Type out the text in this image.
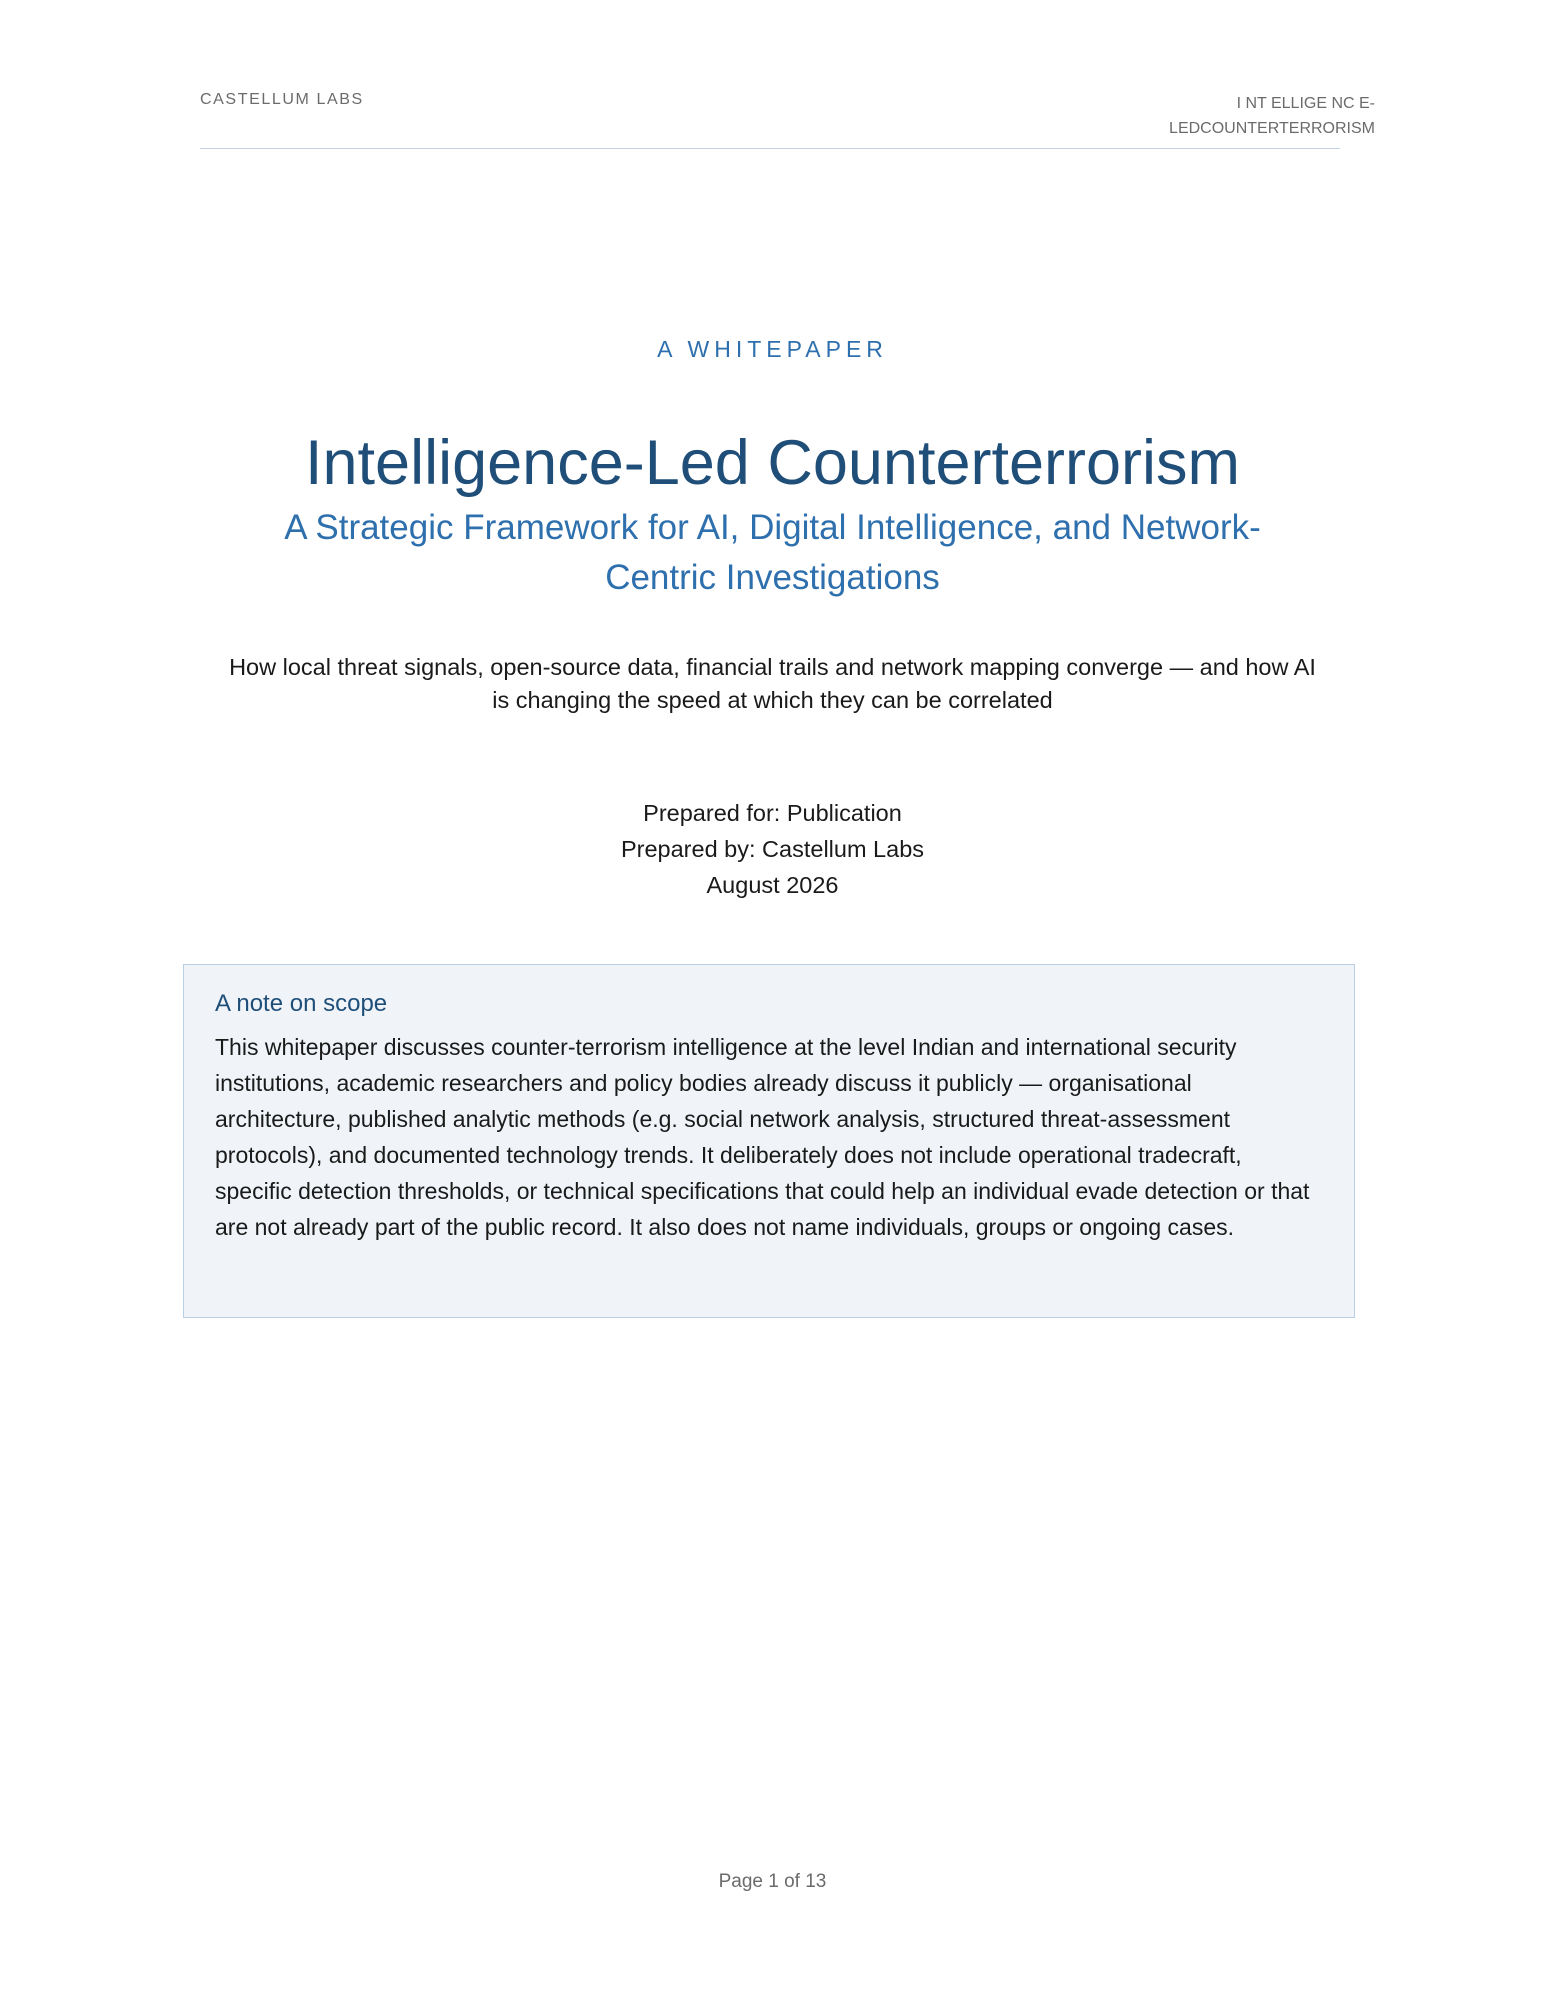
CASTELLUM LABS	I NT ELLIGE NC E-
LEDCOUNTERTERRORISM
A WHITEPAPER
Intelligence-Led Counterterrorism
A Strategic Framework for AI, Digital Intelligence, and Network-
Centric Investigations
How local threat signals, open-source data, financial trails and network mapping converge — and how AI
is changing the speed at which they can be correlated
Prepared for: Publication
Prepared by: Castellum Labs
August 2026
A note on scope

This whitepaper discusses counter-terrorism intelligence at the level Indian and international security institutions, academic researchers and policy bodies already discuss it publicly — organisational architecture, published analytic methods (e.g. social network analysis, structured threat-assessment protocols), and documented technology trends. It deliberately does not include operational tradecraft, specific detection thresholds, or technical specifications that could help an individual evade detection or that are not already part of the public record. It also does not name individuals, groups or ongoing cases.

Page 1 of 13
